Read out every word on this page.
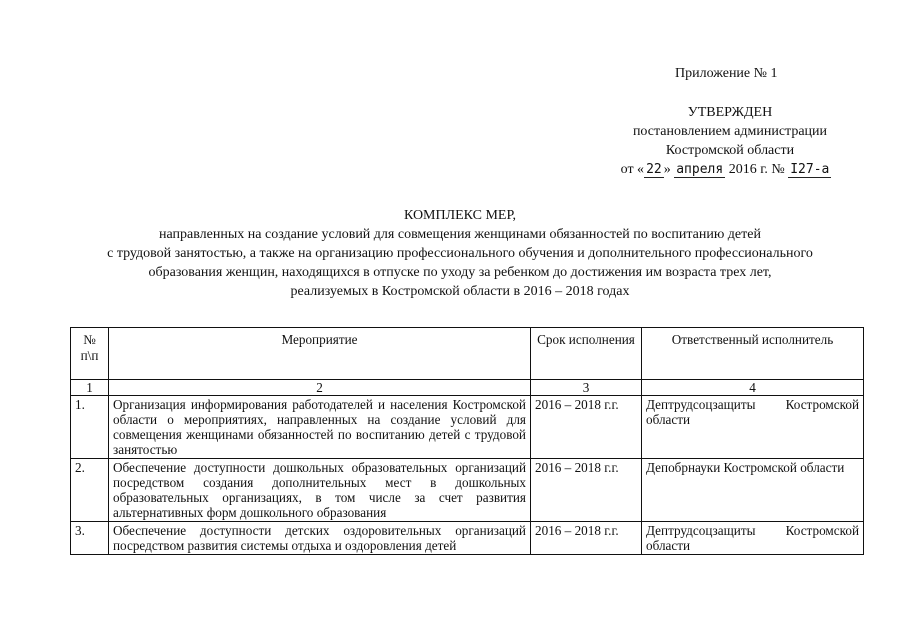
Приложение № 1
УТВЕРЖДЕН
постановлением администрации
Костромской области
от « 22 » апреля 2016 г. № I27-а
КОМПЛЕКС МЕР,
направленных на создание условий для совмещения женщинами обязанностей по воспитанию детей
с трудовой занятостью, а также на организацию профессионального обучения и дополнительного профессионального
образования женщин, находящихся в отпуске по уходу за ребенком до достижения им возраста трех лет,
реализуемых в Костромской области в 2016 – 2018 годах
№ п\п	Мероприятие	Срок исполнения	Ответственный исполнитель
1	2	3	4
1.	Организация информирования работодателей и населения Костромской области о мероприятиях, направленных на создание условий для совмещения женщинами обязанностей по воспитанию детей с трудовой занятостью	2016 – 2018 г.г.	Дептрудсоцзащиты Костромской области
2.	Обеспечение доступности дошкольных образовательных организаций посредством создания дополнительных мест в дошкольных образовательных организациях, в том числе за счет развития альтернативных форм дошкольного образования	2016 – 2018 г.г.	Депобрнауки Костромской области
3.	Обеспечение доступности детских оздоровительных организаций посредством развития системы отдыха и оздоровления детей	2016 – 2018 г.г.	Дептрудсоцзащиты Костромской области
